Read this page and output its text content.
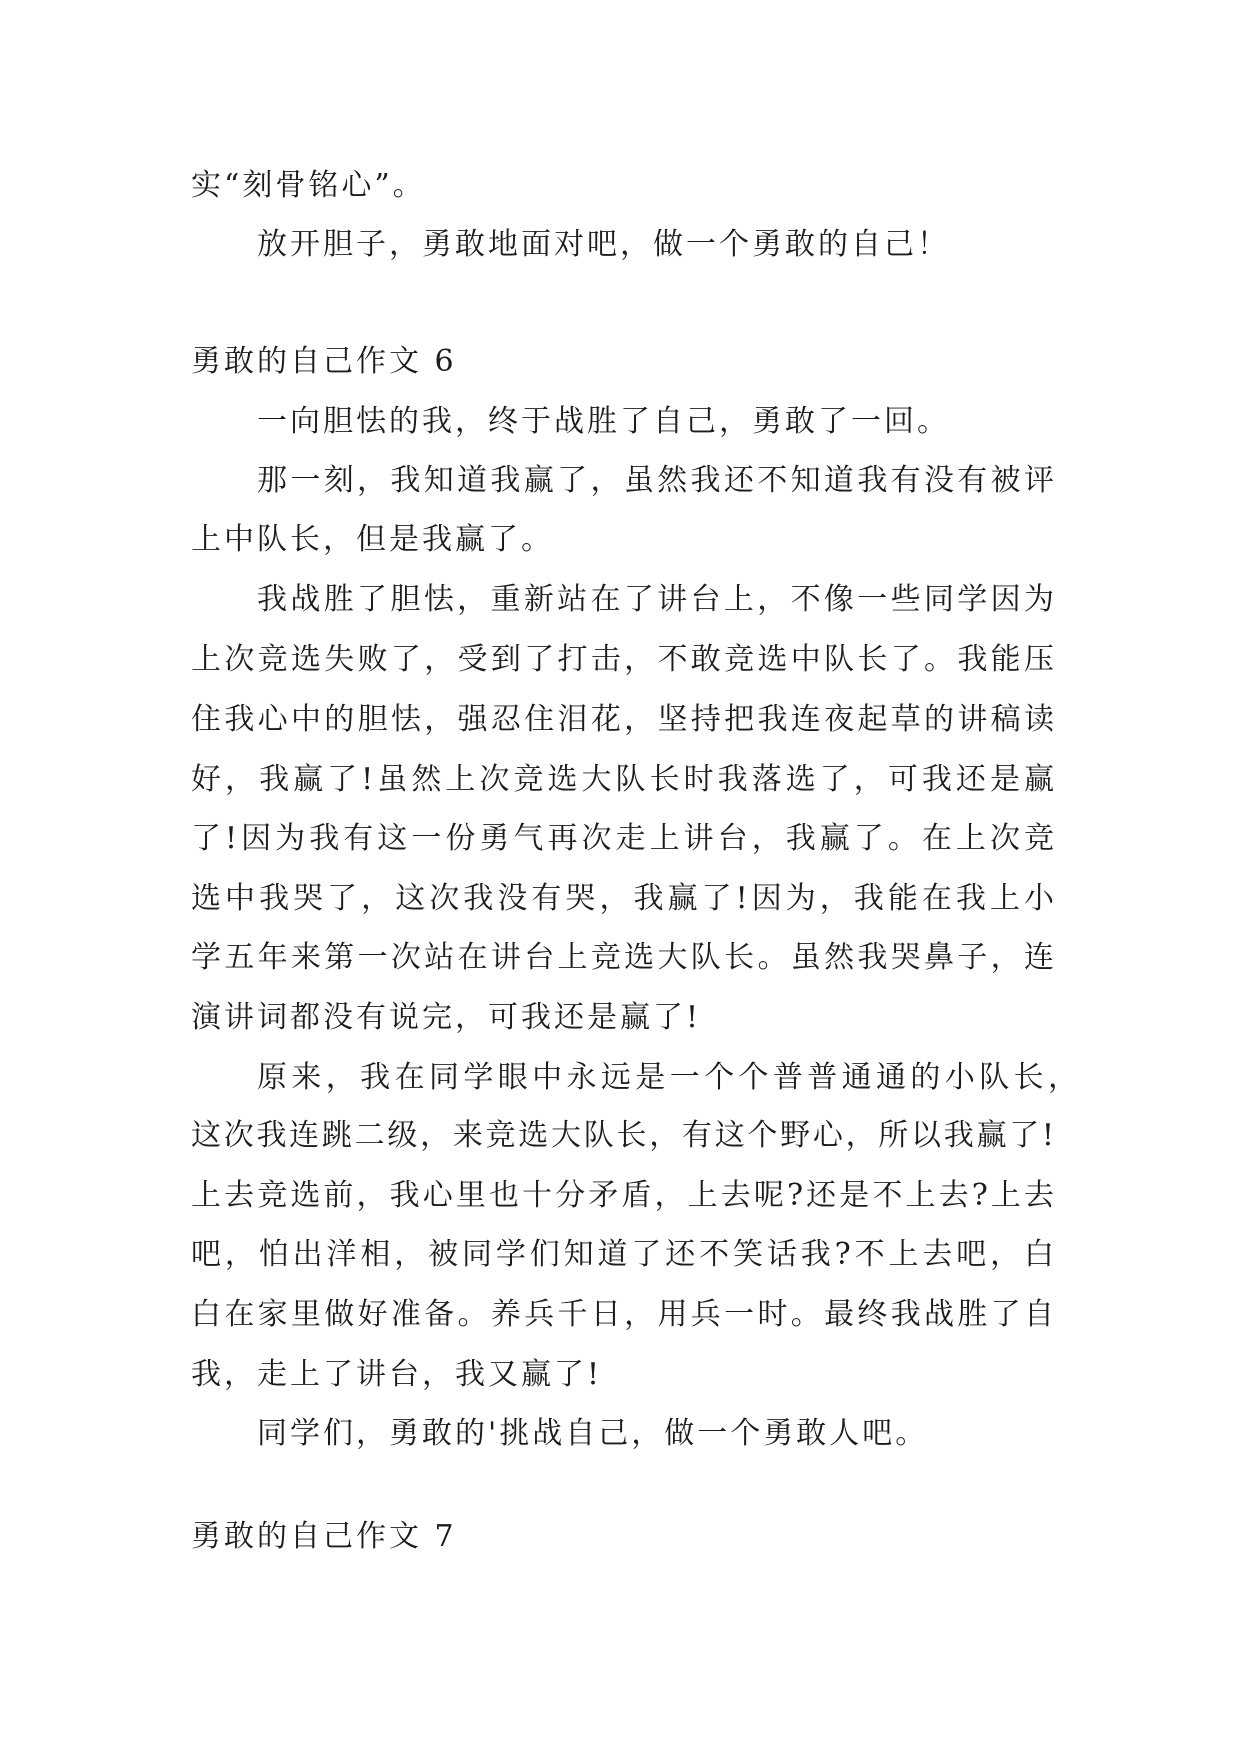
实“刻骨铭心”。
放开胆子，勇敢地面对吧，做一个勇敢的自己！
勇敢的自己作文 6
一向胆怯的我，终于战胜了自己，勇敢了一回。
那一刻，我知道我赢了，虽然我还不知道我有没有被评
上中队长，但是我赢了。
我战胜了胆怯，重新站在了讲台上，不像一些同学因为
上次竞选失败了，受到了打击，不敢竞选中队长了。我能压
住我心中的胆怯，强忍住泪花，坚持把我连夜起草的讲稿读
好，我赢了!虽然上次竞选大队长时我落选了，可我还是赢
了!因为我有这一份勇气再次走上讲台，我赢了。在上次竞
选中我哭了，这次我没有哭，我赢了!因为，我能在我上小
学五年来第一次站在讲台上竞选大队长。虽然我哭鼻子，连
演讲词都没有说完，可我还是赢了!
原来，我在同学眼中永远是一个个普普通通的小队长，
这次我连跳二级，来竞选大队长，有这个野心，所以我赢了!
上去竞选前，我心里也十分矛盾，上去呢?还是不上去?上去
吧，怕出洋相，被同学们知道了还不笑话我?不上去吧，白
白在家里做好准备。养兵千日，用兵一时。最终我战胜了自
我，走上了讲台，我又赢了!
同学们，勇敢的'挑战自己，做一个勇敢人吧。
勇敢的自己作文 7
